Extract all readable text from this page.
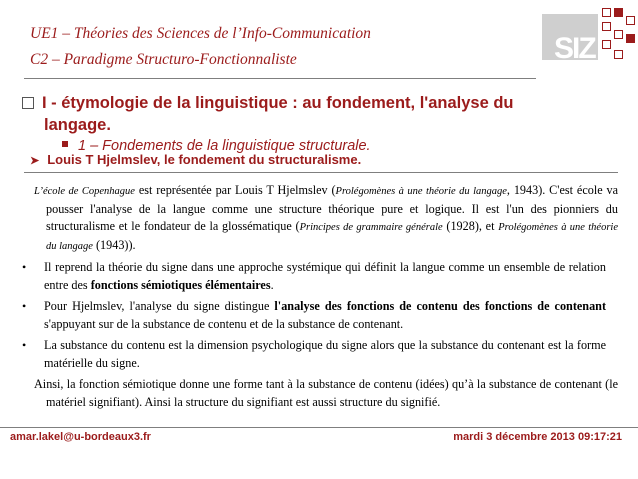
UE1 – Théories des Sciences de l’Info-Communication
C2 – Paradigme Structuro-Fonctionnaliste	SIZ
I - étymologie de la linguistique : au fondement, l'analyse du
langage.
1 – Fondements de la linguistique structurale.
➤ Louis T Hjelmslev, le fondement du structuralisme.

L’école de Copenhague est représentée par Louis T Hjelmslev (Prolégomènes à une théorie du langage, 1943). C'est école va pousser l'analyse de la langue comme une structure théorique pure et logique. Il est l'un des pionniers du structuralisme et le fondateur de la glossématique (Principes de grammaire générale (1928), et Prolégomènes à une théorie du langage (1943)).

• Il reprend la théorie du signe dans une approche systémique qui définit la langue comme un ensemble de relation entre des fonctions sémiotiques élémentaires.

• Pour Hjelmslev, l'analyse du signe distingue l'analyse des fonctions de contenu des fonctions de contenant s'appuyant sur de la substance de contenu et de la substance de contenant.

• La substance du contenu est la dimension psychologique du signe alors que la substance du contenant est la forme matérielle du signe.

Ainsi, la fonction sémiotique donne une forme tant à la substance de contenu (idées) qu’à la substance de contenant (le matériel signifiant). Ainsi la structure du signifiant est aussi structure du signifié.

amar.lakel@u-bordeaux3.fr	mardi 3 décembre 2013 09:17:21
